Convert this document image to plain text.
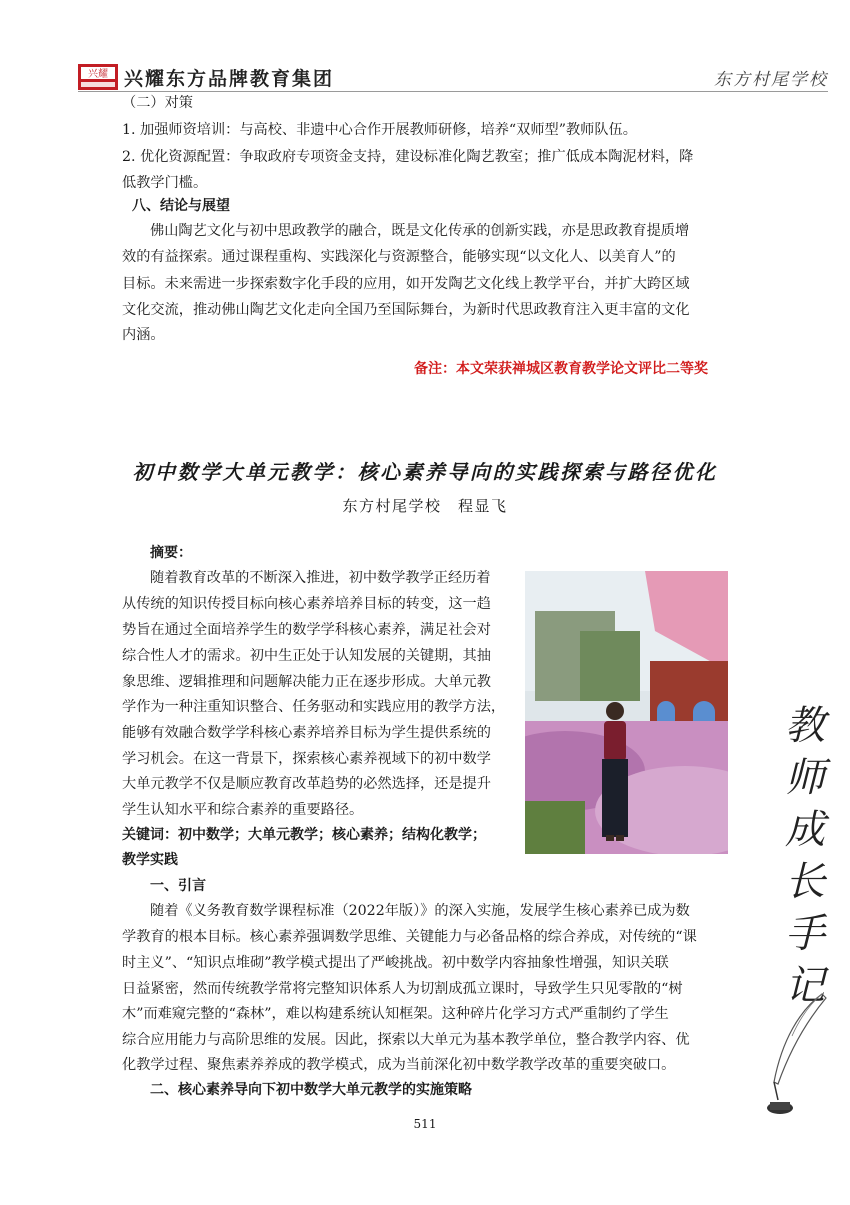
兴耀 兴耀东方品牌教育集团	东方村尾学校
（二）对策
1. 加强师资培训：与高校、非遗中心合作开展教师研修，培养“双师型”教师队伍。
2. 优化资源配置：争取政府专项资金支持，建设标准化陶艺教室；推广低成本陶泥材料，降
低教学门槛。
八、结论与展望
佛山陶艺文化与初中思政教学的融合，既是文化传承的创新实践，亦是思政教育提质增
效的有益探索。通过课程重构、实践深化与资源整合，能够实现“以文化人、以美育人”的
目标。未来需进一步探索数字化手段的应用，如开发陶艺文化线上教学平台，并扩大跨区域
文化交流，推动佛山陶艺文化走向全国乃至国际舞台，为新时代思政教育注入更丰富的文化
内涵。
备注：本文荣获禅城区教育教学论文评比二等奖
初中数学大单元教学：核心素养导向的实践探索与路径优化
东方村尾学校　程显飞
摘要：
随着教育改革的不断深入推进，初中数学教学正经历着
从传统的知识传授目标向核心素养培养目标的转变，这一趋
势旨在通过全面培养学生的数学学科核心素养，满足社会对
综合性人才的需求。初中生正处于认知发展的关键期，其抽
象思维、逻辑推理和问题解决能力正在逐步形成。大单元教
学作为一种注重知识整合、任务驱动和实践应用的教学方法，
能够有效融合数学学科核心素养培养目标为学生提供系统的
学习机会。在这一背景下，探索核心素养视域下的初中数学
大单元教学不仅是顺应教育改革趋势的必然选择，还是提升
学生认知水平和综合素养的重要路径。
关键词：初中数学；大单元教学；核心素养；结构化教学；
教学实践
一、引言
随着《义务教育数学课程标准（2022年版）》的深入实施，发展学生核心素养已成为数
学教育的根本目标。核心素养强调数学思维、关键能力与必备品格的综合养成，对传统的“课
时主义”、“知识点堆砌”教学模式提出了严峻挑战。初中数学内容抽象性增强，知识关联
日益紧密，然而传统教学常将完整知识体系人为切割成孤立课时，导致学生只见零散的“树
木”而难窥完整的“森林”，难以构建系统认知框架。这种碎片化学习方式严重制约了学生
综合应用能力与高阶思维的发展。因此，探索以大单元为基本教学单位，整合教学内容、优
化教学过程、聚焦素养养成的教学模式，成为当前深化初中数学教学改革的重要突破口。
二、核心素养导向下初中数学大单元教学的实施策略
教
师
成
长
手
记
511
